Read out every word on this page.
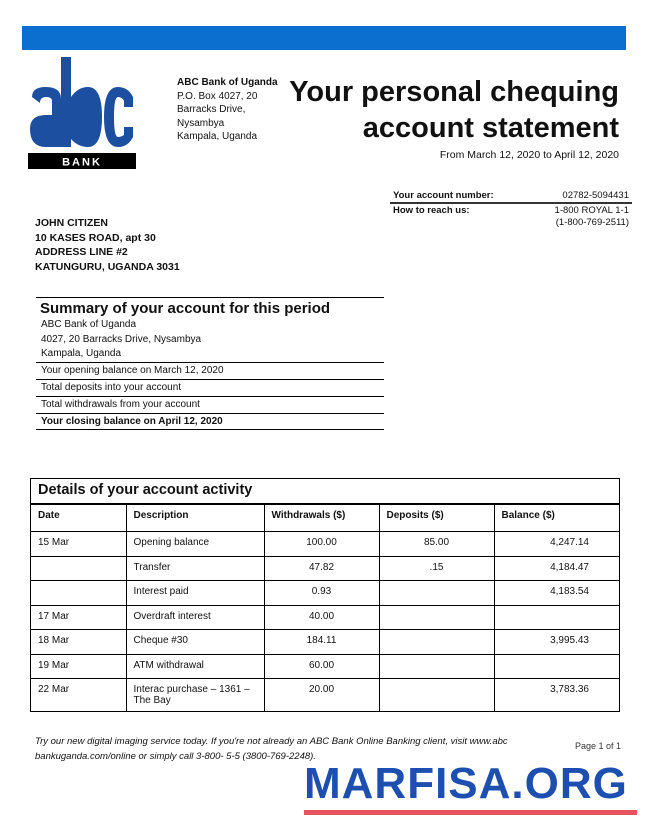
BANK
ABC Bank of Uganda
P.O. Box 4027, 20
Barracks Drive,
Nysambya
Kampala, Uganda
Your personal chequing
account statement
From March 12, 2020 to April 12, 2020
Your account number:	02782-5094431
How to reach us:	1-800 ROYAL 1-1
(1-800-769-2511)
JOHN CITIZEN
10 KASES ROAD, apt 30
ADDRESS LINE #2
KATUNGURU, UGANDA 3031
Summary of your account for this period
ABC Bank of Uganda
4027, 20 Barracks Drive, Nysambya
Kampala, Uganda
Your opening balance on March 12, 2020
Total deposits into your account
Total withdrawals from your account
Your closing balance on April 12, 2020
Details of your account activity
Date	Description	Withdrawals ($)	Deposits ($)	Balance ($)
15 Mar	Opening balance	100.00	85.00	4,247.14
	Transfer	47.82	.15	4,184.47
	Interest paid	0.93		4,183.54
17 Mar	Overdraft interest	40.00		
18 Mar	Cheque #30	184.11		3,995.43
19 Mar	ATM withdrawal	60.00		
22 Mar	Interac purchase – 1361 – The Bay	20.00		3,783.36
Try our new digital imaging service today. If you're not already an ABC Bank Online Banking client, visit www.abc bankuganda.com/online or simply call 3-800- 5-5 (3800-769-2248).
Page 1 of 1
MARFISA.ORG
